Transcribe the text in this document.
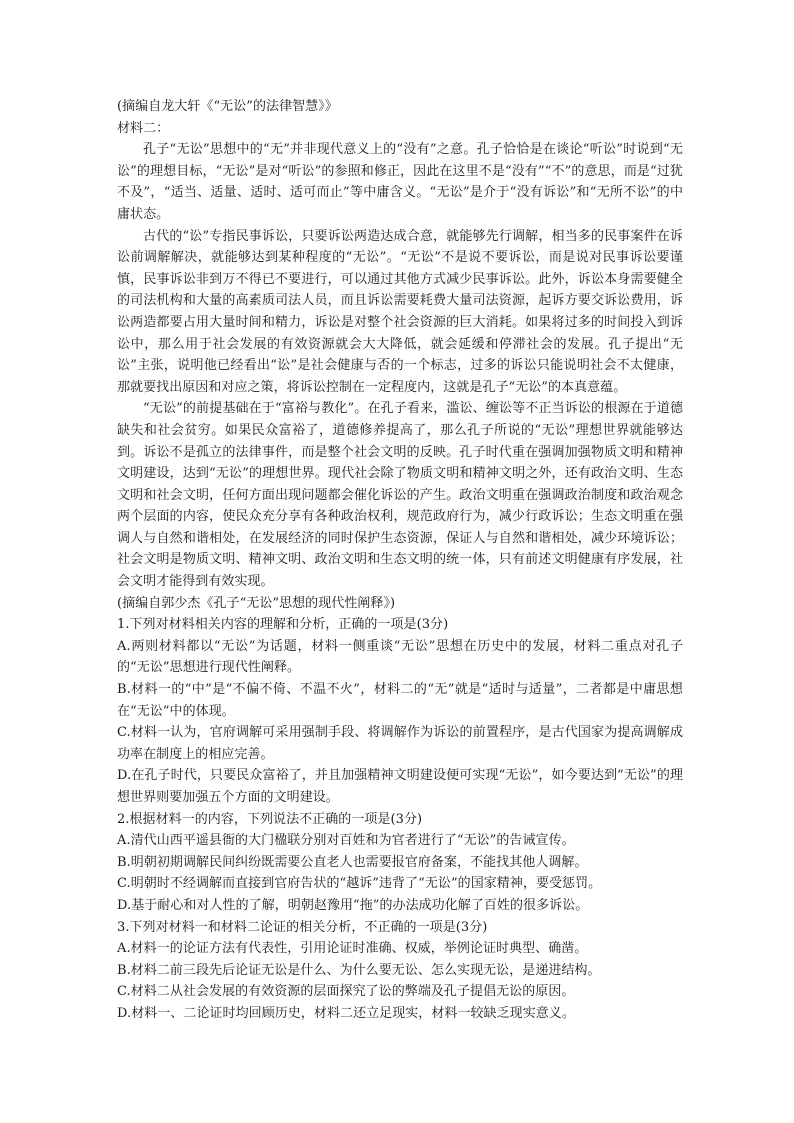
(摘编自龙大轩《“无讼”的法律智慧》》

材料二：

孔子“无讼”思想中的“无”并非现代意义上的“没有”之意。孔子恰恰是在谈论“听讼”时说到“无讼”的理想目标，“无讼”是对“听讼”的参照和修正，因此在这里不是“没有”“不”的意思，而是“过犹不及”，“适当、适量、适时、适可而止”等中庸含义。“无讼”是介于“没有诉讼”和“无所不讼”的中庸状态。

古代的“讼”专指民事诉讼，只要诉讼两造达成合意，就能够先行调解，相当多的民事案件在诉讼前调解解决，就能够达到某种程度的“无讼”。“无讼”不是说不要诉讼，而是说对民事诉讼要谨慎，民事诉讼非到万不得已不要进行，可以通过其他方式减少民事诉讼。此外，诉讼本身需要健全的司法机构和大量的高素质司法人员，而且诉讼需要耗费大量司法资源，起诉方要交诉讼费用，诉讼两造都要占用大量时间和精力，诉讼是对整个社会资源的巨大消耗。如果将过多的时间投入到诉讼中，那么用于社会发展的有效资源就会大大降低，就会延缓和停滞社会的发展。孔子提出“无讼”主张，说明他已经看出“讼”是社会健康与否的一个标志，过多的诉讼只能说明社会不太健康，那就要找出原因和对应之策，将诉讼控制在一定程度内，这就是孔子“无讼”的本真意蕴。

“无讼”的前提基础在于“富裕与教化”。在孔子看来，滥讼、缠讼等不正当诉讼的根源在于道德缺失和社会贫穷。如果民众富裕了，道德修养提高了，那么孔子所说的“无讼”理想世界就能够达到。诉讼不是孤立的法律事件，而是整个社会文明的反映。孔子时代重在强调加强物质文明和精神文明建设，达到“无讼”的理想世界。现代社会除了物质文明和精神文明之外，还有政治文明、生态文明和社会文明，任何方面出现问题都会催化诉讼的产生。政治文明重在强调政治制度和政治观念两个层面的内容，使民众充分享有各种政治权利，规范政府行为，减少行政诉讼；生态文明重在强调人与自然和谐相处，在发展经济的同时保护生态资源，保证人与自然和谐相处，减少环境诉讼；社会文明是物质文明、精神文明、政治文明和生态文明的统一体，只有前述文明健康有序发展，社会文明才能得到有效实现。

(摘编自郭少杰《孔子“无讼”思想的现代性阐释》)

1.下列对材料相关内容的理解和分析，正确的一项是(3分)

A.两则材料都以“无讼”为话题，材料一侧重谈“无讼”思想在历史中的发展，材料二重点对孔子的“无讼”思想进行现代性阐释。

B.材料一的“中”是“不偏不倚、不温不火”，材料二的“无”就是“适时与适量”，二者都是中庸思想在“无讼”中的体现。

C.材料一认为，官府调解可采用强制手段、将调解作为诉讼的前置程序，是古代国家为提高调解成功率在制度上的相应完善。

D.在孔子时代，只要民众富裕了，并且加强精神文明建设便可实现“无讼”，如今要达到“无讼”的理想世界则要加强五个方面的文明建设。

2.根据材料一的内容，下列说法不正确的一项是(3分)

A.清代山西平遥县衙的大门楹联分别对百姓和为官者进行了“无讼”的告诫宣传。

B.明朝初期调解民间纠纷既需要公直老人也需要报官府备案，不能找其他人调解。

C.明朝时不经调解而直接到官府告状的“越诉”违背了“无讼”的国家精神，要受惩罚。

D.基于耐心和对人性的了解，明朝赵豫用“拖”的办法成功化解了百姓的很多诉讼。

3.下列对材料一和材料二论证的相关分析，不正确的一项是(3分)

A.材料一的论证方法有代表性，引用论证时准确、权威，举例论证时典型、确凿。

B.材料二前三段先后论证无讼是什么、为什么要无讼、怎么实现无讼，是递进结构。

C.材料二从社会发展的有效资源的层面探究了讼的弊端及孔子提倡无讼的原因。

D.材料一、二论证时均回顾历史，材料二还立足现实，材料一较缺乏现实意义。
